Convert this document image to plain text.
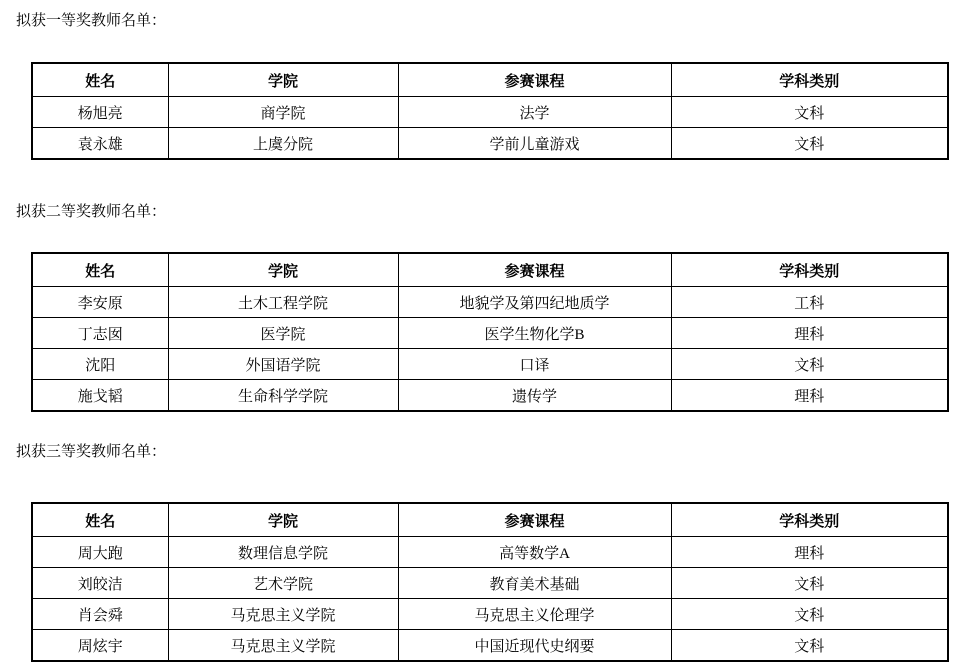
拟获一等奖教师名单：
姓名	学院	参赛课程	学科类别
杨旭亮	商学院	法学	文科
袁永雄	上虞分院	学前儿童游戏	文科
拟获二等奖教师名单：
姓名	学院	参赛课程	学科类别
李安原	土木工程学院	地貌学及第四纪地质学	工科
丁志囡	医学院	医学生物化学B	理科
沈阳	外国语学院	口译	文科
施戈韬	生命科学学院	遗传学	理科
拟获三等奖教师名单：
姓名	学院	参赛课程	学科类别
周大跑	数理信息学院	高等数学A	理科
刘皎洁	艺术学院	教育美术基础	文科
肖会舜	马克思主义学院	马克思主义伦理学	文科
周炫宇	马克思主义学院	中国近现代史纲要	文科
